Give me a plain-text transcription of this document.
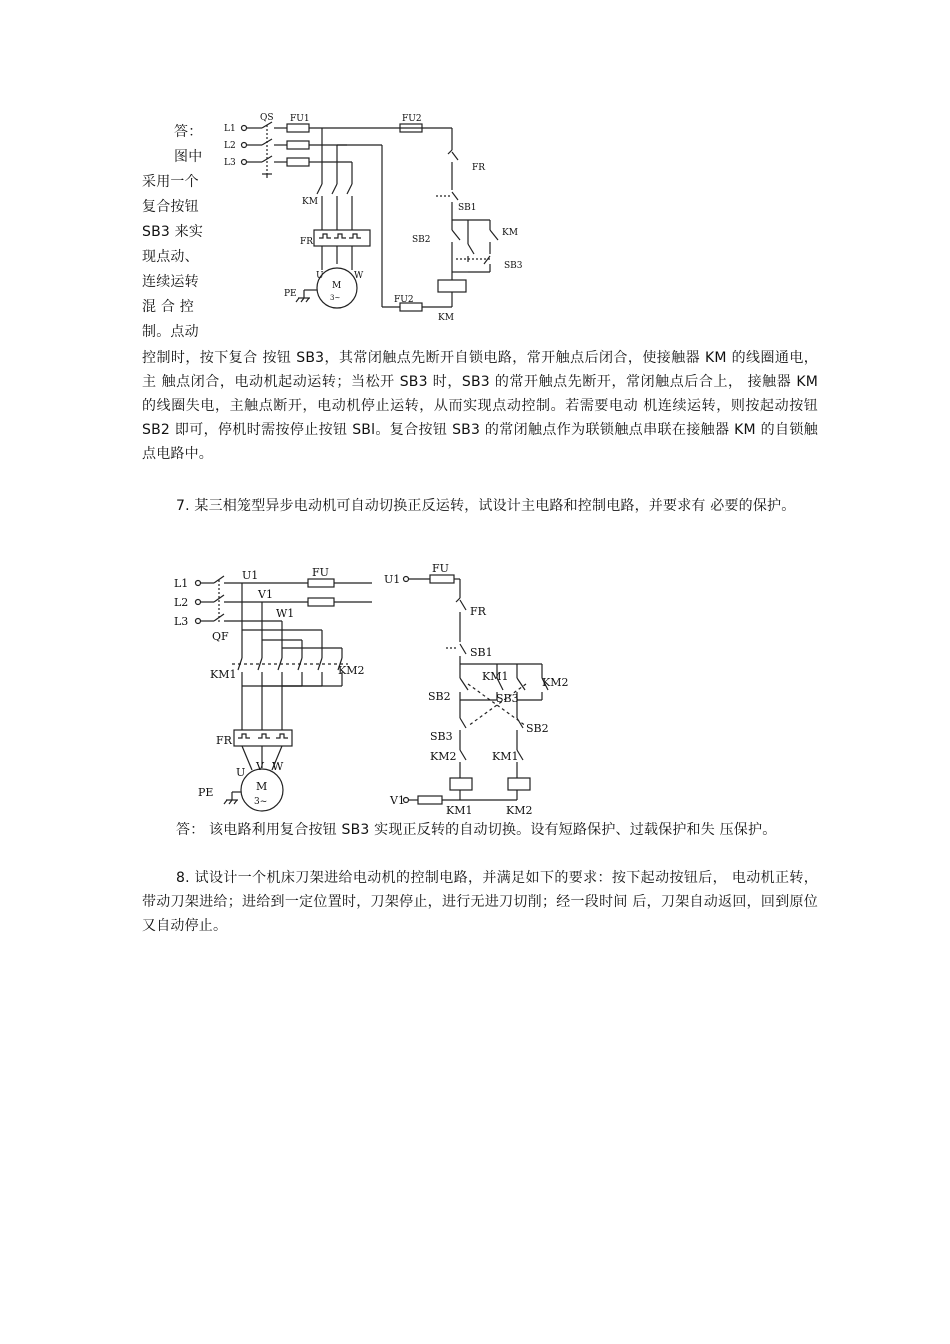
答：
图中
采用一个
复合按钮
SB3 来实
现点动、
连续运转
混 合 控
制。点动
L1
L2
L3
QS FU1	FU2
KM
FR
U	W
PE
M
3~
FR
SB1
SB2
KM
SB3
KM
FU2
控制时，按下复合 按钮 SB3，其常闭触点先断开自锁电路，常开触点后闭合，使接触器 KM 的线圈通电，主 触点闭合，电动机起动运转；当松开 SB3 时，SB3 的常开触点先断开，常闭触点后合上， 接触器 KM 的线圈失电，主触点断开，电动机停止运转，从而实现点动控制。若需要电动 机连续运转，则按起动按钮 SB2 即可，停机时需按停止按钮 SBl。复合按钮 SB3 的常闭触点作为联锁触点串联在接触器 KM 的自锁触点电路中。
7. 某三相笼型异步电动机可自动切换正反运转，试设计主电路和控制电路，并要求有 必要的保护。
L1
L2
L3
U1
V1
W1
QF
FU
KM1	KM2
FR
U V W
PE	M
3~
U1
FU
FR
SB1
SB2
KM1
SB3
KM2
SB3
SB2
KM2	KM1
V1
KM1	KM2
答： 该电路利用复合按钮 SB3 实现正反转的自动切换。设有短路保护、过载保护和失 压保护。
8. 试设计一个机床刀架进给电动机的控制电路，并满足如下的要求：按下起动按钮后， 电动机正转，带动刀架进给；进给到一定位置时，刀架停止，进行无进刀切削；经一段时间 后，刀架自动返回，回到原位又自动停止。
